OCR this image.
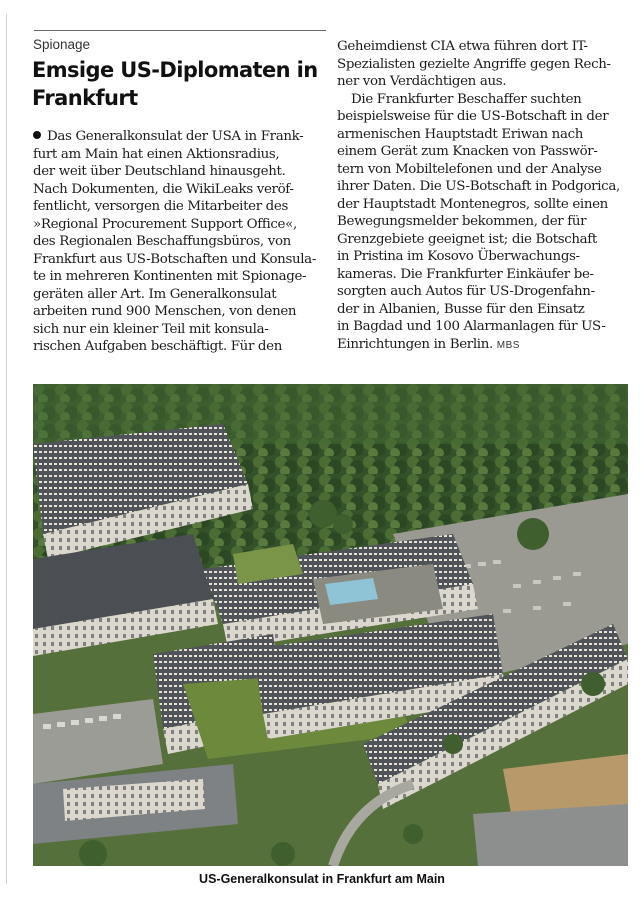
Spionage
Emsige US-Diplomaten in
Frankfurt
Das Generalkonsulat der USA in Frank-
furt am Main hat einen Aktionsradius,
der weit über Deutschland hinausgeht.
Nach Dokumenten, die WikiLeaks veröf-
fentlicht, versorgen die Mitarbeiter des
»Regional Procurement Support Office«,
des Regionalen Beschaffungsbüros, von
Frankfurt aus US-Botschaften und Konsula-
te in mehreren Kontinenten mit Spionage-
geräten aller Art. Im Generalkonsulat
arbeiten rund 900 Menschen, von denen
sich nur ein kleiner Teil mit konsula-
rischen Aufgaben beschäftigt. Für den
Geheimdienst CIA etwa führen dort IT-
Spezialisten gezielte Angriffe gegen Rech-
ner von Verdächtigen aus.
Die Frankfurter Beschaffer suchten
beispielsweise für die US-Botschaft in der
armenischen Hauptstadt Eriwan nach
einem Gerät zum Knacken von Passwör-
tern von Mobiltelefonen und der Analyse
ihrer Daten. Die US-Botschaft in Podgorica,
der Hauptstadt Montenegros, sollte einen
Bewegungsmelder bekommen, der für
Grenzgebiete geeignet ist; die Botschaft
in Pristina im Kosovo Überwachungs-
kameras. Die Frankfurter Einkäufer be-
sorgten auch Autos für US-Drogenfahn-
der in Albanien, Busse für den Einsatz
in Bagdad und 100 Alarmanlagen für US-
Einrichtungen in Berlin. MBS
US-Generalkonsulat in Frankfurt am Main
